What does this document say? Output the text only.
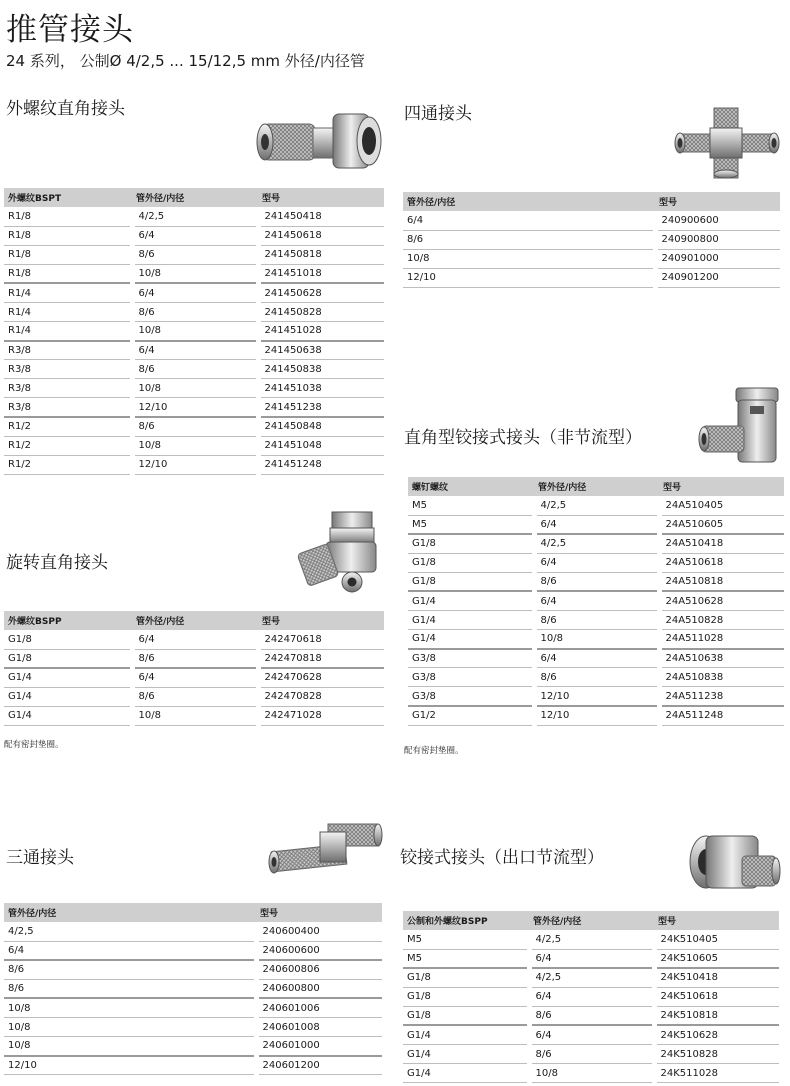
推管接头
24 系列， 公制Ø 4/2,5 ... 15/12,5 mm 外径/内径管
外螺纹直角接头
外螺纹BSPT	管外径/内径	型号
R1/8	4/2,5	241450418
R1/8	6/4	241450618
R1/8	8/6	241450818
R1/8	10/8	241451018
R1/4	6/4	241450628
R1/4	8/6	241450828
R1/4	10/8	241451028
R3/8	6/4	241450638
R3/8	8/6	241450838
R3/8	10/8	241451038
R3/8	12/10	241451238
R1/2	8/6	241450848
R1/2	10/8	241451048
R1/2	12/10	241451248
四通接头
管外径/内径	型号
6/4	240900600
8/6	240900800
10/8	240901000
12/10	240901200
旋转直角接头
外螺纹BSPP	管外径/内径	型号
G1/8	6/4	242470618
G1/8	8/6	242470818
G1/4	6/4	242470628
G1/4	8/6	242470828
G1/4	10/8	242471028
配有密封垫圈。
直角型铰接式接头（非节流型）
螺钉螺纹	管外径/内径	型号
M5	4/2,5	24A510405
M5	6/4	24A510605
G1/8	4/2,5	24A510418
G1/8	6/4	24A510618
G1/8	8/6	24A510818
G1/4	6/4	24A510628
G1/4	8/6	24A510828
G1/4	10/8	24A511028
G3/8	6/4	24A510638
G3/8	8/6	24A510838
G3/8	12/10	24A511238
G1/2	12/10	24A511248
配有密封垫圈。
三通接头
管外径/内径	型号
4/2,5	240600400
6/4	240600600
8/6	240600806
8/6	240600800
10/8	240601006
10/8	240601008
10/8	240601000
12/10	240601200
铰接式接头（出口节流型）
公制和外螺纹BSPP	管外径/内径	型号
M5	4/2,5	24K510405
M5	6/4	24K510605
G1/8	4/2,5	24K510418
G1/8	6/4	24K510618
G1/8	8/6	24K510818
G1/4	6/4	24K510628
G1/4	8/6	24K510828
G1/4	10/8	24K511028
